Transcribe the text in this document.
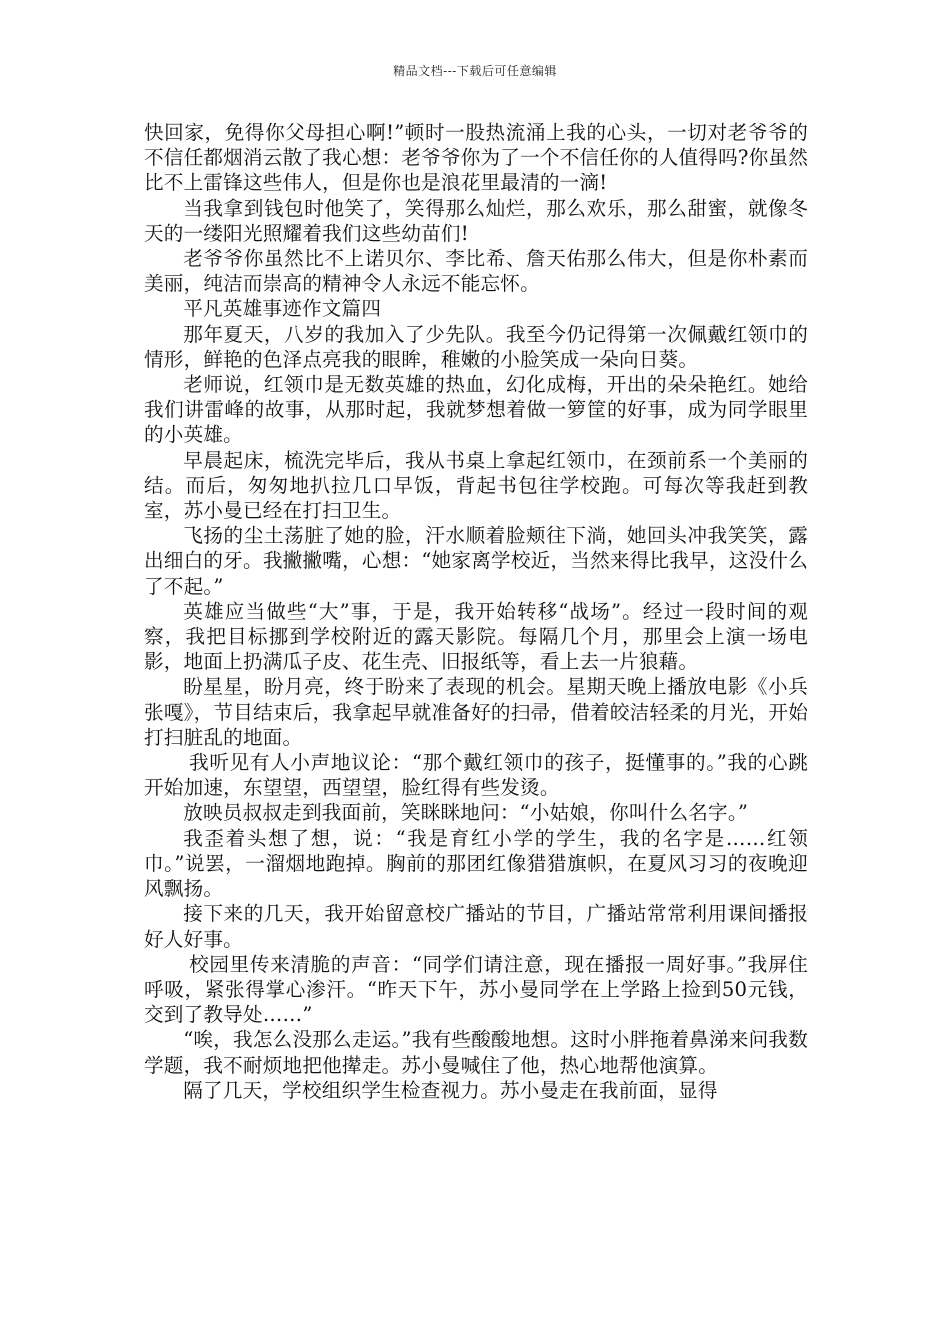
精品文档---下载后可任意编辑

快回家，免得你父母担心啊!”顿时一股热流涌上我的心头，一切对老爷爷的不信任都烟消云散了我心想：老爷爷你为了一个不信任你的人值得吗?你虽然比不上雷锋这些伟人，但是你也是浪花里最清的一滴!

当我拿到钱包时他笑了，笑得那么灿烂，那么欢乐，那么甜蜜，就像冬天的一缕阳光照耀着我们这些幼苗们!

老爷爷你虽然比不上诺贝尔、李比希、詹天佑那么伟大，但是你朴素而美丽，纯洁而崇高的精神令人永远不能忘怀。

平凡英雄事迹作文篇四

那年夏天，八岁的我加入了少先队。我至今仍记得第一次佩戴红领巾的情形，鲜艳的色泽点亮我的眼眸，稚嫩的小脸笑成一朵向日葵。

老师说，红领巾是无数英雄的热血，幻化成梅，开出的朵朵艳红。她给我们讲雷峰的故事，从那时起，我就梦想着做一箩筐的好事，成为同学眼里的小英雄。

早晨起床，梳洗完毕后，我从书桌上拿起红领巾，在颈前系一个美丽的结。而后，匆匆地扒拉几口早饭，背起书包往学校跑。可每次等我赶到教室，苏小曼已经在打扫卫生。

飞扬的尘土荡脏了她的脸，汗水顺着脸颊往下淌，她回头冲我笑笑，露出细白的牙。我撇撇嘴，心想：“她家离学校近，当然来得比我早，这没什么了不起。”

英雄应当做些“大”事，于是，我开始转移“战场”。经过一段时间的观察，我把目标挪到学校附近的露天影院。每隔几个月，那里会上演一场电影，地面上扔满瓜子皮、花生壳、旧报纸等，看上去一片狼藉。

盼星星，盼月亮，终于盼来了表现的机会。星期天晚上播放电影《小兵张嘎》，节目结束后，我拿起早就准备好的扫帚，借着皎洁轻柔的月光，开始打扫脏乱的地面。

我听见有人小声地议论：“那个戴红领巾的孩子，挺懂事的。”我的心跳开始加速，东望望，西望望，脸红得有些发烫。

放映员叔叔走到我面前，笑眯眯地问：“小姑娘，你叫什么名字。”

我歪着头想了想，说：“我是育红小学的学生，我的名字是……红领巾。”说罢，一溜烟地跑掉。胸前的那团红像猎猎旗帜，在夏风习习的夜晚迎风飘扬。

接下来的几天，我开始留意校广播站的节目，广播站常常利用课间播报好人好事。

校园里传来清脆的声音：“同学们请注意，现在播报一周好事。”我屏住呼吸，紧张得掌心渗汗。“昨天下午，苏小曼同学在上学路上捡到50元钱，交到了教导处……”

“唉，我怎么没那么走运。”我有些酸酸地想。这时小胖拖着鼻涕来问我数学题，我不耐烦地把他撵走。苏小曼喊住了他，热心地帮他演算。

隔了几天，学校组织学生检查视力。苏小曼走在我前面，显得
